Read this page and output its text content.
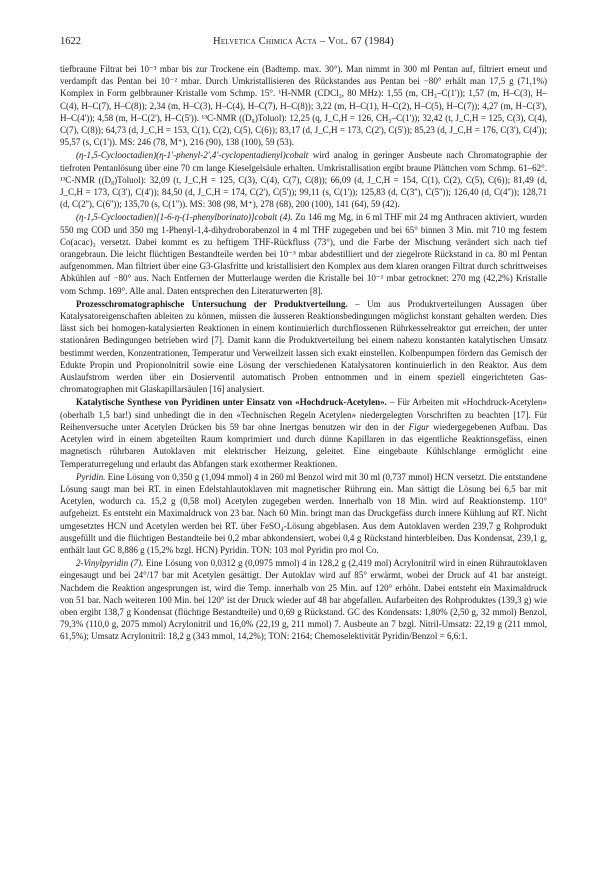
1622	Helvetica Chimica Acta – Vol. 67 (1984)

tiefbraune Filtrat bei 10⁻³ mbar bis zur Trockene ein (Badtemp. max. 30°). Man nimmt in 300 ml Pentan auf, filtriert erneut und verdampft das Pentan bei 10⁻² mbar. Durch Umkristallisieren des Rückstandes aus Pentan bei −80° erhält man 17,5 g (71,1%) Komplex in Form gelbbrauner Kristalle vom Schmp. 15°. ¹H-NMR (CDCl₃, 80 MHz): 1,55 (m, CH₃–C(1')); 1,57 (m, H–C(3), H–C(4), H–C(7), H–C(8)); 2,34 (m, H–C(3), H–C(4), H–C(7), H–C(8)); 3,22 (m, H–C(1), H–C(2), H–C(5), H–C(7)); 4,27 (m, H–C(3'), H–C(4')); 4,58 (m, H–C(2'), H–C(5')). ¹³C-NMR ((D₈)Toluol): 12,25 (q, J_C,H = 126, CH₃–C(1')); 32,42 (t, J_C,H = 125, C(3), C(4), C(7), C(8)); 64,73 (d, J_C,H = 153, C(1), C(2), C(5), C(6)); 83,17 (d, J_C,H = 173, C(2'), C(5')); 85,23 (d, J_C,H = 176, C(3'), C(4')); 95,57 (s, C(1')). MS: 246 (78, M⁺), 216 (90), 138 (100), 59 (53).

(η-1,5-Cyclooctadien)(η-1'-phenyl-2',4'-cyclopentadienyl)cobalt wird analog in geringer Ausbeute nach Chromatographie der tiefroten Pentanlösung über eine 70 cm lange Kieselgelsäule erhalten. Umkristallisation ergibt braune Plättchen vom Schmp. 61–62°. ¹³C-NMR ((D₈)Toluol): 32,09 (t, J_C,H = 125, C(3), C(4), C(7), C(8)); 66,09 (d, J_C,H = 154, C(1), C(2), C(5), C(6)); 81,49 (d, J_C,H = 173, C(3'), C(4')); 84,50 (d, J_C,H = 174, C(2'), C(5')); 99,11 (s, C(1')); 125,83 (d, C(3''), C(5'')); 126,40 (d, C(4'')); 128,71 (d, C(2''), C(6'')); 135,70 (s, C(1'')). MS: 308 (98, M⁺), 278 (68), 200 (100), 141 (64), 59 (42).

(η-1,5-Cyclooctadien)[1-6-η-(1-phenylborinato)]cobalt (4). Zu 146 mg Mg, in 6 ml THF mit 24 mg Anthracen aktiviert, wurden 550 mg COD und 350 mg 1-Phenyl-1,4-dihydroborabenzol in 4 ml THF zugegeben und bei 65° binnen 3 Min. mit 710 mg festem Co(acac)₃ versetzt. Dabei kommt es zu heftigem THF-Rückfluss (73°), und die Farbe der Mischung verändert sich nach tief orangebraun. Die leicht flüchtigen Bestandteile werden bei 10⁻³ mbar abdestilliert und der ziegelrote Rückstand in ca. 80 ml Pentan aufgenommen. Man filtriert über eine G3-Glasfritte und kristallisiert den Komplex aus dem klaren orangen Filtrat durch schrittweises Abkühlen auf −80° aus. Nach Entfernen der Mutterlauge werden die Kristalle bei 10⁻¹ mbar getrocknet: 270 mg (42,2%) Kristalle vom Schmp. 169°. Alle anal. Daten entsprechen den Literaturwerten [8].

Prozesschromatographische Untersuchung der Produktverteilung. – Um aus Produktverteilungen Aussagen über Katalysatoreigenschaften ableiten zu können, müssen die äusseren Reaktionsbedingungen möglichst konstant gehalten werden. Dies lässt sich bei homogen-katalysierten Reaktionen in einem kontinuierlich durchflossenen Rührkesselreaktor gut erreichen, der unter stationären Bedingungen betrieben wird [7]. Damit kann die Produktverteilung bei einem nahezu konstanten katalytischen Umsatz bestimmt werden, Konzentrationen, Temperatur und Verweilzeit lassen sich exakt einstellen. Kolbenpumpen fördern das Gemisch der Edukte Propin und Propionolnitril sowie eine Lösung der verschiedenen Katalysatoren kontinuierlich in den Reaktor. Aus dem Auslaufstrom werden über ein Dosierventil automatisch Proben entnommen und in einem speziell eingerichteten Gas-chromatographen mit Glaskapillarsäulen [16] analysiert.

Katalytische Synthese von Pyridinen unter Einsatz von «Hochdruck-Acetylen». – Für Arbeiten mit «Hochdruck-Acetylen» (oberhalb 1,5 bar!) sind unbedingt die in den «Technischen Regeln Acetylen» niedergelegten Vorschriften zu beachten [17]. Für Reihenversuche unter Acetylen Drücken bis 59 bar ohne Inertgas benutzen wir den in der Figur wiedergegebenen Aufbau. Das Acetylen wird in einem abgeteilten Raum komprimiert und durch dünne Kapillaren in das eigentliche Reaktionsgefäss, einen magnetisch rührbaren Autoklaven mit elektrischer Heizung, geleitet. Eine eingebaute Kühlschlange ermöglicht eine Temperaturregelung und erlaubt das Abfangen stark exothermer Reaktionen.

Pyridin. Eine Lösung von 0,350 g (1,094 mmol) 4 in 260 ml Benzol wird mit 30 ml (0,737 mmol) HCN versetzt. Die entstandene Lösung saugt man bei RT. in einen Edelstahlautoklaven mit magnetischer Rührung ein. Man sättigt die Lösung bei 6,5 bar mit Acetylen, wodurch ca. 15,2 g (0,58 mol) Acetylen zugegeben werden. Innerhalb von 18 Min. wird auf Reaktionstemp. 110° aufgeheizt. Es entsteht ein Maximaldruck von 23 bar. Nach 60 Min. bringt man das Druckgefäss durch innere Kühlung auf RT. Nicht umgesetztes HCN und Acetylen werden bei RT. über FeSO₄-Lösung abgeblasen. Aus dem Autoklaven werden 239,7 g Rohprodukt ausgefüllt und die flüchtigen Bestandteile bei 0,2 mbar abkondensiert, wobei 0,4 g Rückstand hinterbleiben. Das Kondensat, 239,1 g, enthält laut GC 8,886 g (15,2% bzgl. HCN) Pyridin. TON: 103 mol Pyridin pro mol Co.

2-Vinylpyridin (7). Eine Lösung von 0,0312 g (0,0975 mmol) 4 in 128,2 g (2,419 mol) Acrylonitril wird in einen Rührautoklaven eingesaugt und bei 24°/17 bar mit Acetylen gesättigt. Der Autoklav wird auf 85° erwärmt, wobei der Druck auf 41 bar ansteigt. Nachdem die Reaktion angesprungen ist, wird die Temp. innerhalb von 25 Min. auf 120° erhöht. Dabei entsteht ein Maximaldruck von 51 bar. Nach weiteren 100 Min. bei 120° ist der Druck wieder auf 48 bar abgefallen. Aufarbeiten des Rohproduktes (139,3 g) wie oben ergibt 138,7 g Kondensat (flüchtige Bestandteile) und 0,69 g Rückstand. GC des Kondensats: 1,80% (2,50 g, 32 mmol) Benzol, 79,3% (110,0 g, 2075 mmol) Acrylonitril und 16,0% (22,19 g, 211 mmol) 7. Ausbeute an 7 bzgl. Nitril-Umsatz: 22,19 g (211 mmol, 61,5%); Umsatz Acrylonitril: 18,2 g (343 mmol, 14,2%); TON: 2164; Chemoselektivität Pyridin/Benzol = 6,6:1.
